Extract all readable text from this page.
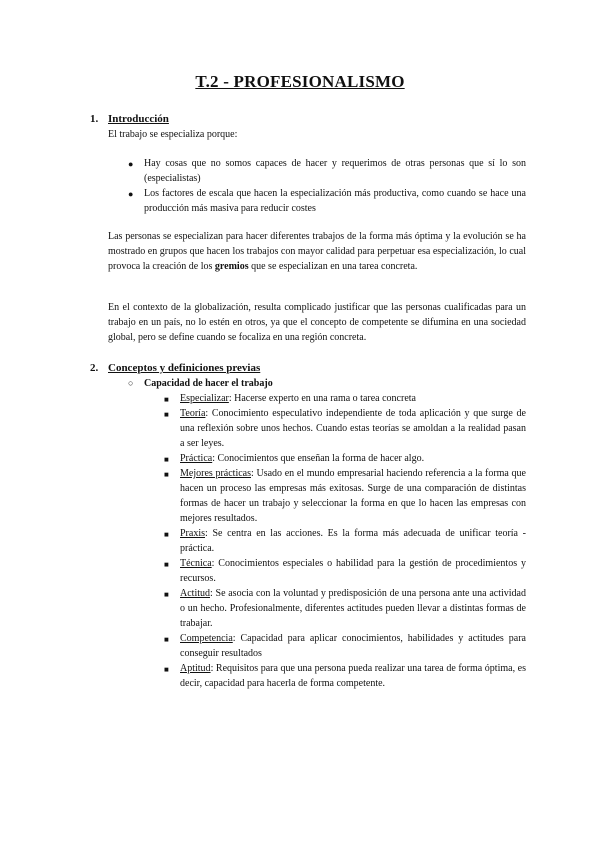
T.2 - PROFESIONALISMO
1. Introducción

El trabajo se especializa porque:

● Hay cosas que no somos capaces de hacer y requerimos de otras personas que sí lo son (especialistas)

● Los factores de escala que hacen la especialización más productiva, como cuando se hace una producción más masiva para reducir costes

Las personas se especializan para hacer diferentes trabajos de la forma más óptima y la evolución se ha mostrado en grupos que hacen los trabajos con mayor calidad para perpetuar esa especialización, lo cual provoca la creación de los gremios que se especializan en una tarea concreta.

En el contexto de la globalización, resulta complicado justificar que las personas cualificadas para un trabajo en un país, no lo estén en otros, ya que el concepto de competente se difumina en una sociedad global, pero se define cuando se focaliza en una región concreta.

2. Conceptos y definiciones previas
○ Capacidad de hacer el trabajo
■ Especializar: Hacerse experto en una rama o tarea concreta

■ Teoría: Conocimiento especulativo independiente de toda aplicación y que surge de una reflexión sobre unos hechos. Cuando estas teorías se amoldan a la realidad pasan a ser leyes.

■ Práctica: Conocimientos que enseñan la forma de hacer algo.

■ Mejores prácticas: Usado en el mundo empresarial haciendo referencia a la forma que hacen un proceso las empresas más exitosas. Surge de una comparación de distintas formas de hacer un trabajo y seleccionar la forma en que lo hacen las empresas con mejores resultados.

■ Praxis: Se centra en las acciones. Es la forma más adecuada de unificar teoría - práctica.

■ Técnica: Conocimientos especiales o habilidad para la gestión de procedimientos y recursos.

■ Actitud: Se asocia con la voluntad y predisposición de una persona ante una actividad o un hecho. Profesionalmente, diferentes actitudes pueden llevar a distintas formas de trabajar.

■ Competencia: Capacidad para aplicar conocimientos, habilidades y actitudes para conseguir resultados

■ Aptitud: Requisitos para que una persona pueda realizar una tarea de forma óptima, es decir, capacidad para hacerla de forma competente.
